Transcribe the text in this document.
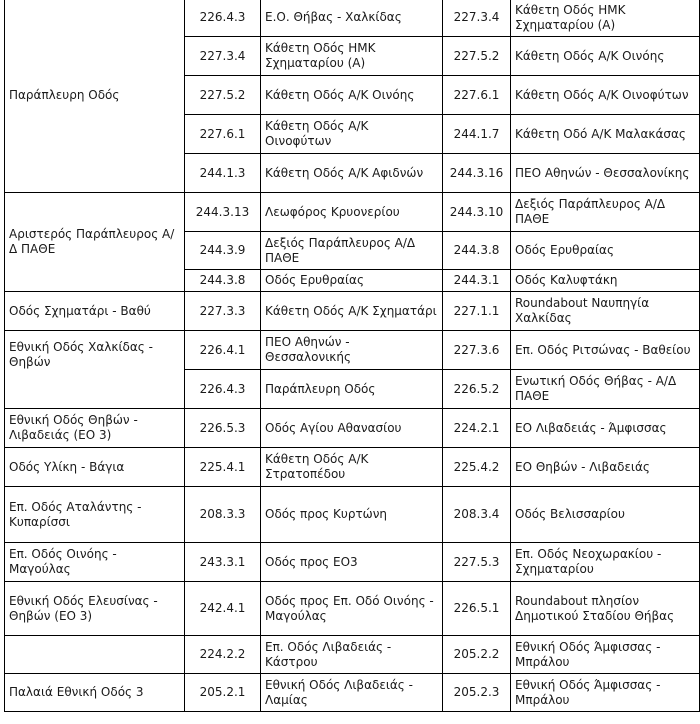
Παράπλευρη Οδός	226.4.3	Ε.Ο. Θήβας - Χαλκίδας	227.3.4	Κάθετη Οδός ΗΜΚ Σχηματαρίου (Α)
	227.3.4	Κάθετη Οδός ΗΜΚ Σχηματαρίου (Α)	227.5.2	Κάθετη Οδός Α/Κ Οινόης
	227.5.2	Κάθετη Οδός Α/Κ Οινόης	227.6.1	Κάθετη Οδός Α/Κ Οινοφύτων
	227.6.1	Κάθετη Οδός Α/Κ Οινοφύτων	244.1.7	Κάθετη Οδό Α/Κ Μαλακάσας
	244.1.3	Κάθετη Οδός Α/Κ Αφιδνών	244.3.16	ΠΕΟ Αθηνών - Θεσσαλονίκης
Αριστερός Παράπλευρος Α/Δ ΠΑΘΕ	244.3.13	Λεωφόρος Κρυονερίου	244.3.10	Δεξιός Παράπλευρος Α/Δ ΠΑΘΕ
	244.3.9	Δεξιός Παράπλευρος Α/Δ ΠΑΘΕ	244.3.8	Οδός Ερυθραίας
	244.3.8	Οδός Ερυθραίας	244.3.1	Οδός Καλυφτάκη
Οδός Σχηματάρι - Βαθύ	227.3.3	Κάθετη Οδός Α/Κ Σχηματάρι	227.1.1	Roundabout Ναυπηγία Χαλκίδας
Εθνική Οδός Χαλκίδας - Θηβών	226.4.1	ΠΕΟ Αθηνών - Θεσσαλονικής	227.3.6	Επ. Οδός Ριτσώνας - Βαθείου
	226.4.3	Παράπλευρη Οδός	226.5.2	Ενωτική Οδός Θήβας - Α/Δ ΠΑΘΕ
Εθνική Οδός Θηβών - Λιβαδειάς (ΕΟ 3)	226.5.3	Οδός Αγίου Αθανασίου	224.2.1	ΕΟ Λιβαδειάς - Άμφισσας
Οδός Υλίκη - Βάγια	225.4.1	Κάθετη Οδός Α/Κ Στρατοπέδου	225.4.2	ΕΟ Θηβών - Λιβαδειάς
Επ. Οδός Αταλάντης - Κυπαρίσσι	208.3.3	Οδός προς Κυρτώνη	208.3.4	Οδός Βελισσαρίου
Επ. Οδός Οινόης - Μαγούλας	243.3.1	Οδός προς ΕΟ3	227.5.3	Επ. Οδός Νεοχωρακίου - Σχηματαρίου
Εθνική Οδός Ελευσίνας - Θηβών (ΕΟ 3)	242.4.1	Οδός προς Επ. Οδό Οινόης - Μαγούλας	226.5.1	Roundabout πλησίον Δημοτικού Σταδίου Θήβας
	224.2.2	Επ. Οδός Λιβαδειάς - Κάστρου	205.2.2	Εθνική Οδός Άμφισσας - Μπράλου
Παλαιά Εθνική Οδός 3	205.2.1	Εθνική Οδός Λιβαδειάς - Λαμίας	205.2.3	Εθνική Οδός Άμφισσας - Μπράλου
